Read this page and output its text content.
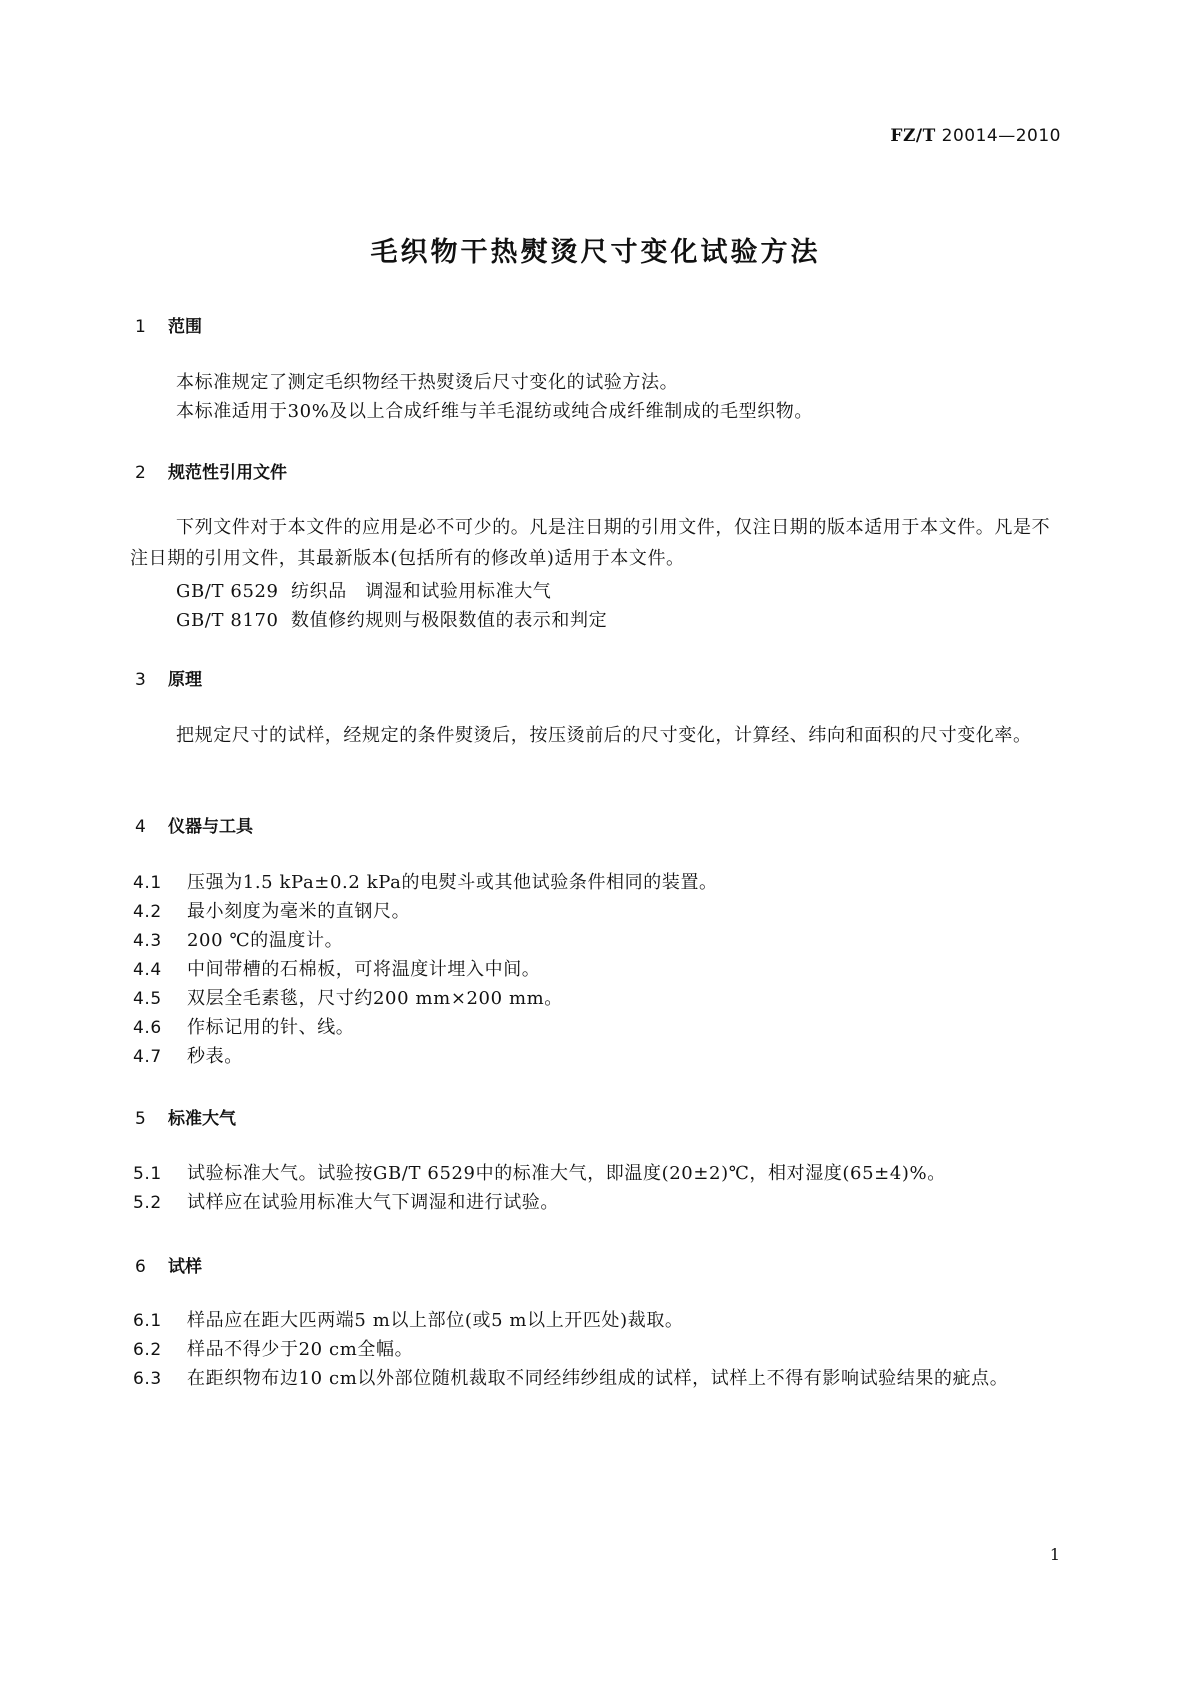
FZ/T 20014—2010
毛织物干热熨烫尺寸变化试验方法
1 范围
本标准规定了测定毛织物经干热熨烫后尺寸变化的试验方法。
本标准适用于30%及以上合成纤维与羊毛混纺或纯合成纤维制成的毛型织物。
2 规范性引用文件
下列文件对于本文件的应用是必不可少的。凡是注日期的引用文件，仅注日期的版本适用于本文件。凡是不注日期的引用文件，其最新版本(包括所有的修改单)适用于本文件。
GB/T 6529 纺织品　调湿和试验用标准大气
GB/T 8170 数值修约规则与极限数值的表示和判定
3 原理
把规定尺寸的试样，经规定的条件熨烫后，按压烫前后的尺寸变化，计算经、纬向和面积的尺寸变化率。
4 仪器与工具
4.1 压强为1.5 kPa±0.2 kPa的电熨斗或其他试验条件相同的装置。
4.2 最小刻度为毫米的直钢尺。
4.3 200 ℃的温度计。
4.4 中间带槽的石棉板，可将温度计埋入中间。
4.5 双层全毛素毯，尺寸约200 mm×200 mm。
4.6 作标记用的针、线。
4.7 秒表。
5 标准大气
5.1 试验标准大气。试验按GB/T 6529中的标准大气，即温度(20±2)℃，相对湿度(65±4)%。
5.2 试样应在试验用标准大气下调湿和进行试验。
6 试样
6.1 样品应在距大匹两端5 m以上部位(或5 m以上开匹处)裁取。
6.2 样品不得少于20 cm全幅。
6.3 在距织物布边10 cm以外部位随机裁取不同经纬纱组成的试样，试样上不得有影响试验结果的疵点。
1
